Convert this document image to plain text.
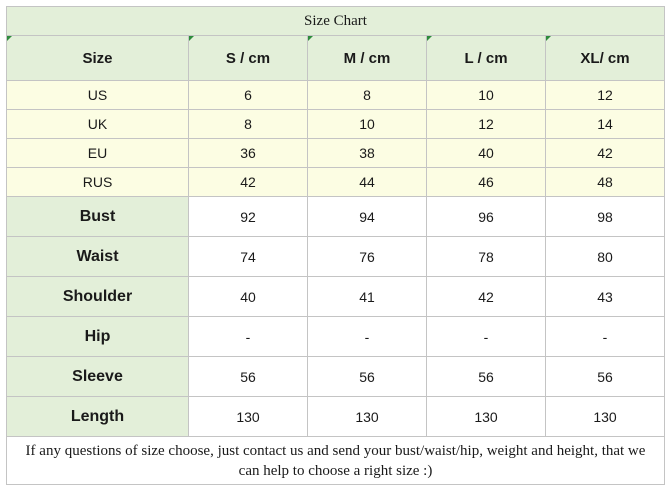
Size Chart
Size	S / cm	M / cm	L / cm	XL/ cm
US	6	8	10	12
UK	8	10	12	14
EU	36	38	40	42
RUS	42	44	46	48
Bust	92	94	96	98
Waist	74	76	78	80
Shoulder	40	41	42	43
Hip	-	-	-	-
Sleeve	56	56	56	56
Length	130	130	130	130
If any questions of size choose, just contact us and send your bust/waist/hip, weight and height, that we can help to choose a right size :)
